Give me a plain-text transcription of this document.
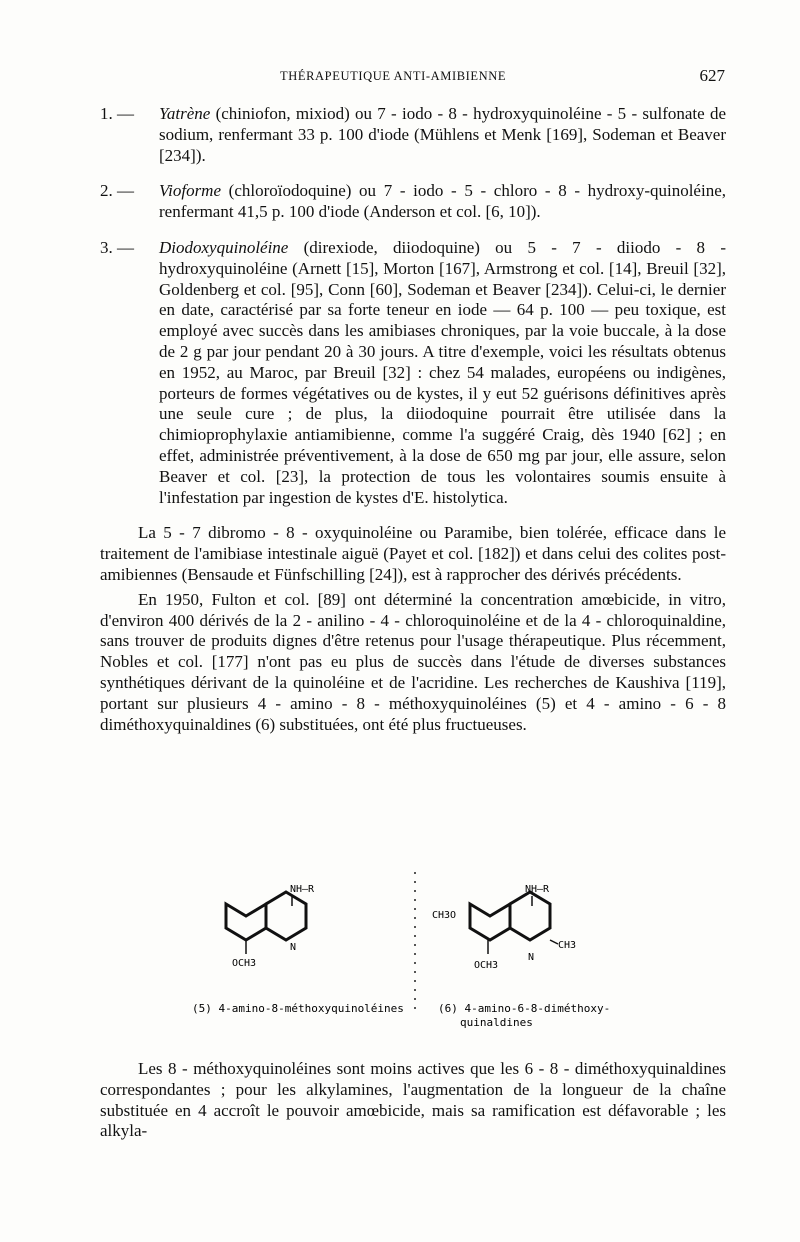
THÉRAPEUTIQUE ANTI-AMIBIENNE	627
1. — Yatrène (chiniofon, mixiod) ou 7 - iodo - 8 - hydroxyquinoléine - 5 - sulfonate de sodium, renfermant 33 p. 100 d'iode (Mühlens et Menk [169], Sodeman et Beaver [234]).
2. — Vioforme (chloroïodoquine) ou 7 - iodo - 5 - chloro - 8 - hydroxy-quinoléine, renfermant 41,5 p. 100 d'iode (Anderson et col. [6, 10]).
3. — Diodoxyquinoléine (direxiode, diiodoquine) ou 5 - 7 - diiodo - 8 - hydroxyquinoléine (Arnett [15], Morton [167], Armstrong et col. [14], Breuil [32], Goldenberg et col. [95], Conn [60], Sodeman et Beaver [234]). Celui-ci, le dernier en date, caractérisé par sa forte teneur en iode — 64 p. 100 — peu toxique, est employé avec succès dans les amibiases chroniques, par la voie buccale, à la dose de 2 g par jour pendant 20 à 30 jours. A titre d'exemple, voici les résultats obtenus en 1952, au Maroc, par Breuil [32] : chez 54 malades, européens ou indigènes, porteurs de formes végétatives ou de kystes, il y eut 52 guérisons définitives après une seule cure ; de plus, la diiodoquine pourrait être utilisée dans la chimioprophylaxie antiamibienne, comme l'a suggéré Craig, dès 1940 [62] ; en effet, administrée préventivement, à la dose de 650 mg par jour, elle assure, selon Beaver et col. [23], la protection de tous les volontaires soumis ensuite à l'infestation par ingestion de kystes d'E. histolytica.

La 5 - 7 dibromo - 8 - oxyquinoléine ou Paramibe, bien tolérée, efficace dans le traitement de l'amibiase intestinale aiguë (Payet et col. [182]) et dans celui des colites post-amibiennes (Bensaude et Fünfschilling [24]), est à rapprocher des dérivés précédents.

En 1950, Fulton et col. [89] ont déterminé la concentration amœbicide, in vitro, d'environ 400 dérivés de la 2 - anilino - 4 - chloroquinoléine et de la 4 - chloroquinaldine, sans trouver de produits dignes d'être retenus pour l'usage thérapeutique. Plus récemment, Nobles et col. [177] n'ont pas eu plus de succès dans l'étude de diverses substances synthétiques dérivant de la quinoléine et de l'acridine. Les recherches de Kaushiva [119], portant sur plusieurs 4 - amino - 8 - méthoxyquinoléines (5) et 4 - amino - 6 - 8 diméthoxyquinaldines (6) substituées, ont été plus fructueuses.

NH–R
N
OCH3
NH–R
CH3O
CH3
N
OCH3
(5) 4-amino-8-méthoxyquinoléines	(6) 4-amino-6-8-diméthoxy-
quinaldines

Les 8 - méthoxyquinoléines sont moins actives que les 6 - 8 - diméthoxyquinaldines correspondantes ; pour les alkylamines, l'augmentation de la longueur de la chaîne substituée en 4 accroît le pouvoir amœbicide, mais sa ramification est défavorable ; les alkyla-
